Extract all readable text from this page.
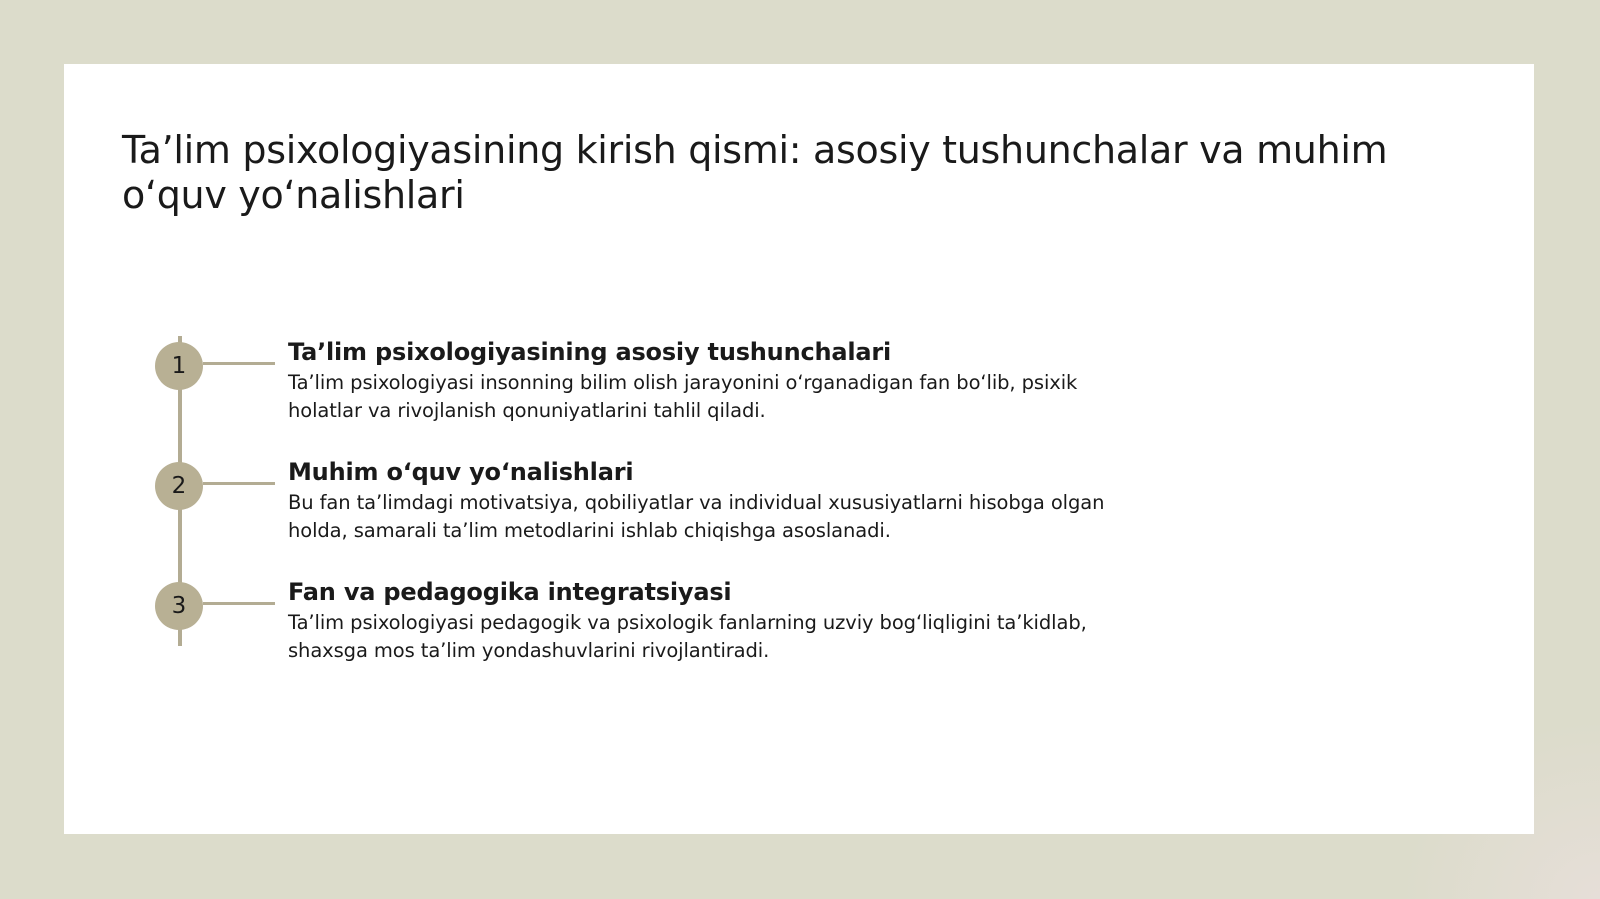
Ta’lim psixologiyasining kirish qismi: asosiy tushunchalar va muhim o‘quv yo‘nalishlari
1	Ta’lim psixologiyasining asosiy tushunchalari

Ta’lim psixologiyasi insonning bilim olish jarayonini o‘rganadigan fan bo‘lib, psixik holatlar va rivojlanish qonuniyatlarini tahlil qiladi.

2	Muhim o‘quv yo‘nalishlari

Bu fan ta’limdagi motivatsiya, qobiliyatlar va individual xususiyatlarni hisobga olgan holda, samarali ta’lim metodlarini ishlab chiqishga asoslanadi.

3	Fan va pedagogika integratsiyasi

Ta’lim psixologiyasi pedagogik va psixologik fanlarning uzviy bog‘liqligini ta’kidlab, shaxsga mos ta’lim yondashuvlarini rivojlantiradi.
